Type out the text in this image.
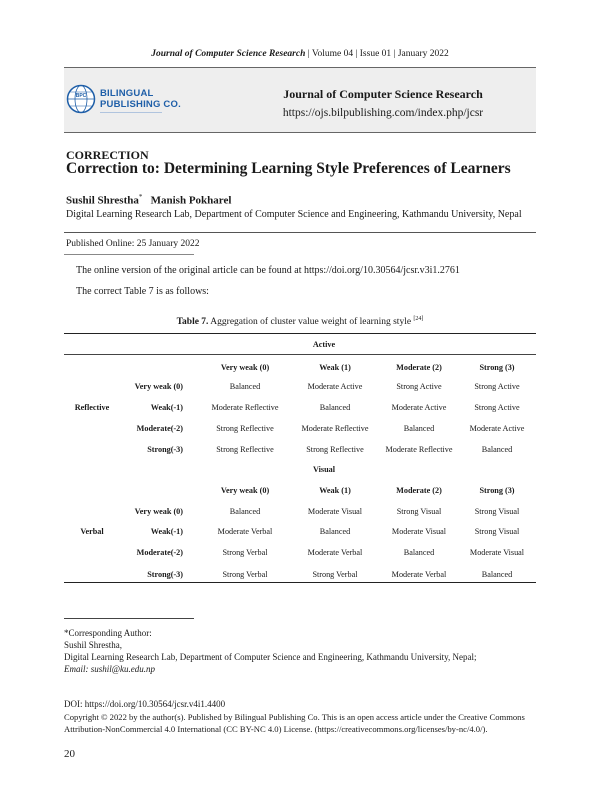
Journal of Computer Science Research | Volume 04 | Issue 01 | January 2022
BPC BILINGUAL
PUBLISHING CO.
Journal of Computer Science Research
https://ojs.bilpublishing.com/index.php/jcsr
CORRECTION
Correction to: Determining Learning Style Preferences of Learners
Sushil Shrestha* Manish Pokharel
Digital Learning Research Lab, Department of Computer Science and Engineering, Kathmandu University, Nepal
Published Online: 25 January 2022
The online version of the original article can be found at https://doi.org/10.30564/jcsr.v3i1.2761
The correct Table 7 is as follows:
Table 7. Aggregation of cluster value weight of learning style [24]
Active
Reflective
Very weak (0)	Weak (1)	Moderate (2)	Strong (3)
Very weak (0)	Balanced	Moderate Active	Strong Active	Strong Active
Weak(-1)	Moderate Reflective	Balanced	Moderate Active	Strong Active
Moderate(-2)	Strong Reflective	Moderate Reflective	Balanced	Moderate Active
Strong(-3)	Strong Reflective	Strong Reflective	Moderate Reflective	Balanced
Visual
Verbal
Very weak (0)	Weak (1)	Moderate (2)	Strong (3)
Very weak (0)	Balanced	Moderate Visual	Strong Visual	Strong Visual
Weak(-1)	Moderate Verbal	Balanced	Moderate Visual	Strong Visual
Moderate(-2)	Strong Verbal	Moderate Verbal	Balanced	Moderate Visual
Strong(-3)	Strong Verbal	Strong Verbal	Moderate Verbal	Balanced
*Corresponding Author:
Sushil Shrestha,
Digital Learning Research Lab, Department of Computer Science and Engineering, Kathmandu University, Nepal;
Email: sushil@ku.edu.np
DOI: https://doi.org/10.30564/jcsr.v4i1.4400
Copyright © 2022 by the author(s). Published by Bilingual Publishing Co. This is an open access article under the Creative Commons
Attribution-NonCommercial 4.0 International (CC BY-NC 4.0) License. (https://creativecommons.org/licenses/by-nc/4.0/).
20
